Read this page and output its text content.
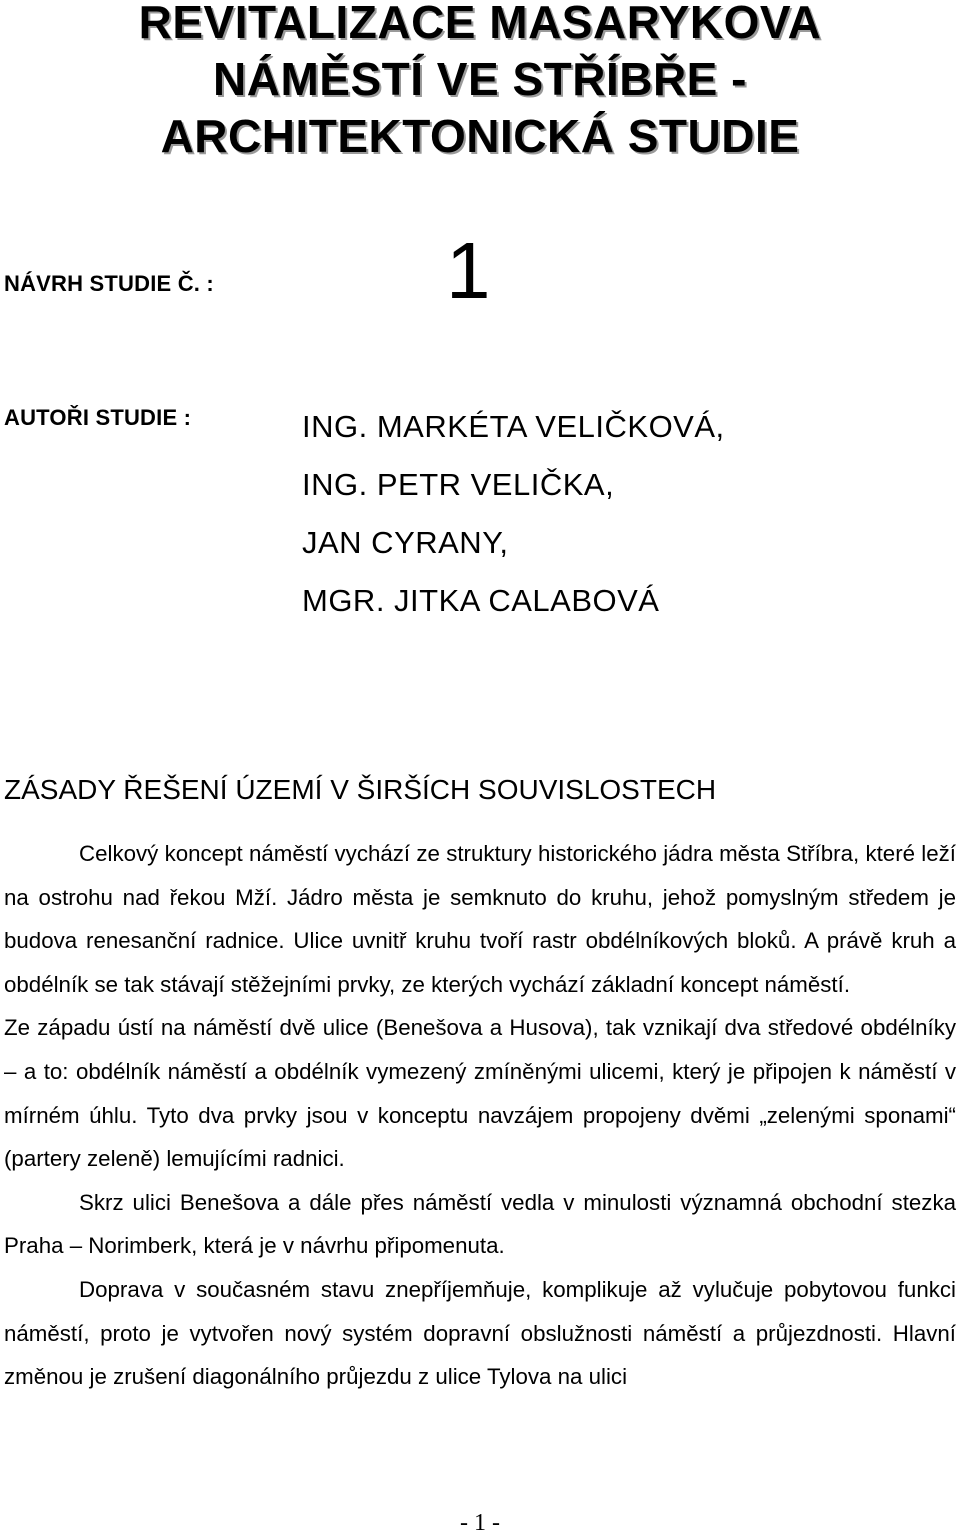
REVITALIZACE MASARYKOVA
NÁMĚSTÍ VE STŘÍBŘE -
ARCHITEKTONICKÁ STUDIE
NÁVRH STUDIE Č. :	1
AUTOŘI STUDIE :	ING. MARKÉTA VELIČKOVÁ,
ING. PETR VELIČKA,
JAN CYRANY,
MGR. JITKA CALABOVÁ
ZÁSADY ŘEŠENÍ ÚZEMÍ V ŠIRŠÍCH SOUVISLOSTECH

Celkový koncept náměstí vychází ze struktury historického jádra města Stříbra, které leží na ostrohu nad řekou Mží. Jádro města je semknuto do kruhu, jehož pomyslným středem je budova renesanční radnice. Ulice uvnitř kruhu tvoří rastr obdélníkových bloků. A právě kruh a obdélník se tak stávají stěžejními prvky, ze kterých vychází základní koncept náměstí.

Ze západu ústí na náměstí dvě ulice (Benešova a Husova), tak vznikají dva středové obdélníky – a to: obdélník náměstí a obdélník vymezený zmíněnými ulicemi, který je připojen k náměstí v mírném úhlu. Tyto dva prvky jsou v konceptu navzájem propojeny dvěmi „zelenými sponami“ (partery zeleně) lemujícími radnici.

Skrz ulici Benešova a dále přes náměstí vedla v minulosti významná obchodní stezka Praha – Norimberk, která je v návrhu připomenuta.

Doprava v současném stavu znepříjemňuje, komplikuje až vylučuje pobytovou funkci náměstí, proto je vytvořen nový systém dopravní obslužnosti náměstí a průjezdnosti. Hlavní změnou je zrušení diagonálního průjezdu z ulice Tylova na ulici

- 1 -
